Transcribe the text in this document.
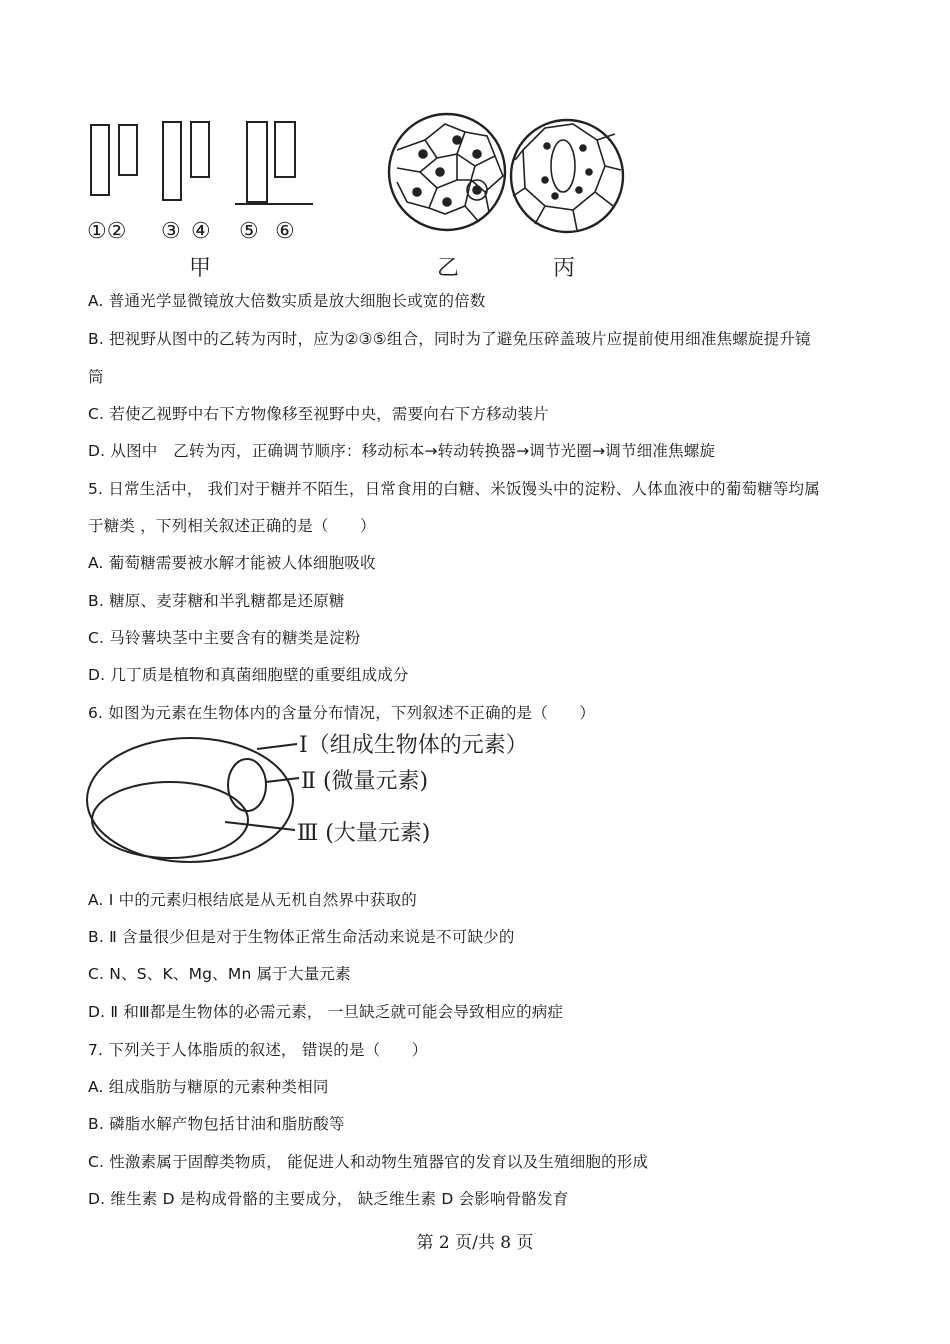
①② ③ ④ ⑤ ⑥
甲	乙	丙
A. 普通光学显微镜放大倍数实质是放大细胞长或宽的倍数
B. 把视野从图中的乙转为丙时，应为②③⑤组合，同时为了避免压碎盖玻片应提前使用细准焦螺旋提升镜
筒
C. 若使乙视野中右下方物像移至视野中央，需要向右下方移动装片
D. 从图中　乙转为丙，正确调节顺序：移动标本→转动转换器→调节光圈→调节细准焦螺旋
5. 日常生活中， 我们对于糖并不陌生，日常食用的白糖、米饭馒头中的淀粉、人体血液中的葡萄糖等均属
于糖类 ，下列相关叙述正确的是（　　）
A. 葡萄糖需要被水解才能被人体细胞吸收
B. 糖原、麦芽糖和半乳糖都是还原糖
C. 马铃薯块茎中主要含有的糖类是淀粉
D. 几丁质是植物和真菌细胞壁的重要组成成分
6. 如图为元素在生物体内的含量分布情况，下列叙述不正确的是（　　）
Ⅰ（组成生物体的元素）
Ⅱ (微量元素)
Ⅲ (大量元素)
A. Ⅰ 中的元素归根结底是从无机自然界中获取的
B. Ⅱ 含量很少但是对于生物体正常生命活动来说是不可缺少的
C. N、S、K、Mg、Mn 属于大量元素
D. Ⅱ 和Ⅲ都是生物体的必需元素， 一旦缺乏就可能会导致相应的病症
7. 下列关于人体脂质的叙述， 错误的是（　　）
A. 组成脂肪与糖原的元素种类相同
B. 磷脂水解产物包括甘油和脂肪酸等
C. 性激素属于固醇类物质， 能促进人和动物生殖器官的发育以及生殖细胞的形成
D. 维生素 D 是构成骨骼的主要成分， 缺乏维生素 D 会影响骨骼发育
第 2 页/共 8 页
